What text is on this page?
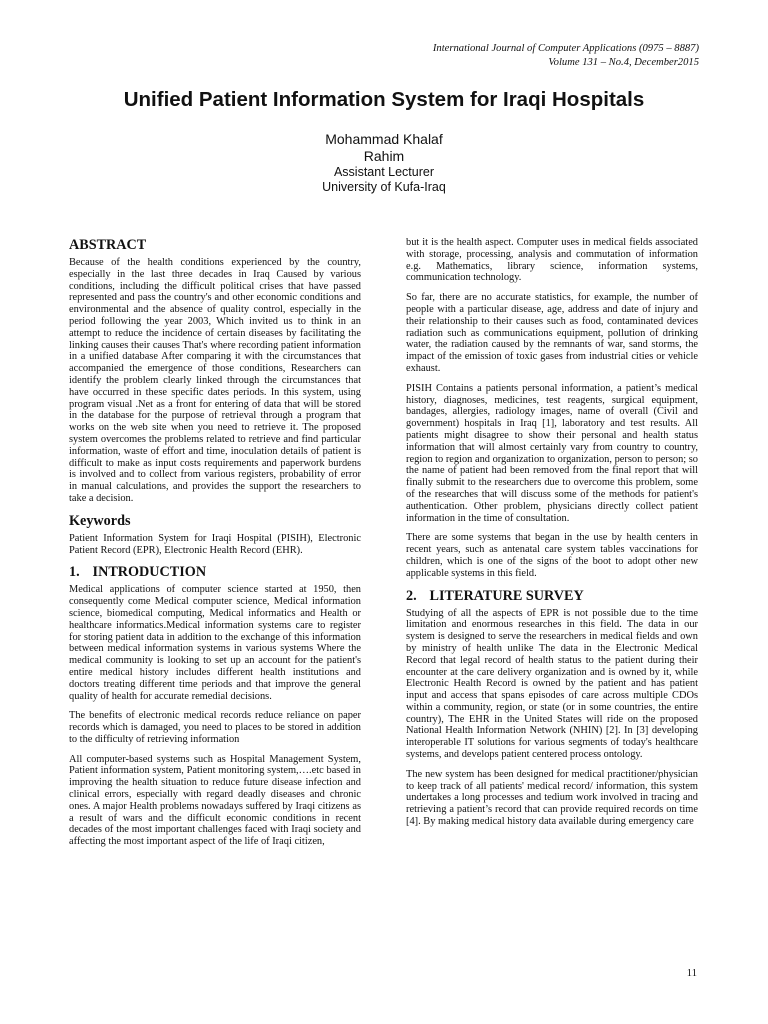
International Journal of Computer Applications (0975 – 8887)
Volume 131 – No.4, December2015
Unified Patient Information System for Iraqi Hospitals
Mohammad Khalaf
Rahim
Assistant Lecturer
University of Kufa-Iraq
ABSTRACT

Because of the health conditions experienced by the country, especially in the last three decades in Iraq Caused by various conditions, including the difficult political crises that have passed represented and pass the country's and other economic conditions and environmental and the absence of quality control, especially in the period following the year 2003, Which invited us to think in an attempt to reduce the incidence of certain diseases by facilitating the linking causes their causes That's where recording patient information in a unified database After comparing it with the circumstances that accompanied the emergence of those conditions, Researchers can identify the problem clearly linked through the circumstances that have occurred in these specific dates periods. In this system, using program visual .Net as a front for entering of data that will be stored in the database for the purpose of retrieval through a program that works on the web site when you need to retrieve it. The proposed system overcomes the problems related to retrieve and find particular information, waste of effort and time, inoculation details of patient is difficult to make as input costs requirements and paperwork burdens is involved and to collect from various registers, probability of error in manual calculations, and provides the support the researchers to take a decision.

Keywords

Patient Information System for Iraqi Hospital (PISIH), Electronic Patient Record (EPR), Electronic Health Record (EHR).

1. INTRODUCTION

Medical applications of computer science started at 1950, then consequently come Medical computer science, Medical information science, biomedical computing, Medical informatics and Health or healthcare informatics.Medical information systems care to register for storing patient data in addition to the exchange of this information between medical information systems in various systems Where the medical community is looking to set up an account for the patient's entire medical history includes different health institutions and doctors treating different time periods and that improve the general quality of health for accurate remedial decisions.

The benefits of electronic medical records reduce reliance on paper records which is damaged, you need to places to be stored in addition to the difficulty of retrieving information

All computer-based systems such as Hospital Management System, Patient information system, Patient monitoring system,….etc based in improving the health situation to reduce future disease infection and clinical errors, especially with regard deadly diseases and chronic ones. A major Health problems nowadays suffered by Iraqi citizens as a result of wars and the difficult economic conditions in recent decades of the most important challenges faced with Iraqi society and affecting the most important aspect of the life of Iraqi citizen,

but it is the health aspect. Computer uses in medical fields associated with storage, processing, analysis and commutation of information e.g. Mathematics, library science, information systems, communication technology.

So far, there are no accurate statistics, for example, the number of people with a particular disease, age, address and date of injury and their relationship to their causes such as food, contaminated devices radiation such as communications equipment, pollution of drinking water, the radiation caused by the remnants of war, sand storms, the impact of the emission of toxic gases from industrial cities or vehicle exhaust.

PISIH Contains a patients personal information, a patient’s medical history, diagnoses, medicines, test reagents, surgical equipment, bandages, allergies, radiology images, name of overall (Civil and government) hospitals in Iraq [1], laboratory and test results. All patients might disagree to show their personal and health status information that will almost certainly vary from country to country, region to region and organization to organization, person to person; so the name of patient had been removed from the final report that will finally submit to the researchers due to overcome this problem, some of the researches that will discuss some of the methods for patient's authentication. Other problem, physicians directly collect patient information in the time of consultation.

There are some systems that began in the use by health centers in recent years, such as antenatal care system tables vaccinations for children, which is one of the signs of the boot to adopt other new applicable systems in this field.

2. LITERATURE SURVEY

Studying of all the aspects of EPR is not possible due to the time limitation and enormous researches in this field. The data in our system is designed to serve the researchers in medical fields and own by ministry of health unlike The data in the Electronic Medical Record that legal record of health status to the patient during their encounter at the care delivery organization and is owned by it, while Electronic Health Record is owned by the patient and has patient input and access that spans episodes of care across multiple CDOs within a community, region, or state (or in some countries, the entire country), The EHR in the United States will ride on the proposed National Health Information Network (NHIN) [2]. In [3] developing interoperable IT solutions for various segments of today's healthcare systems, and develops patient centered process ontology.

The new system has been designed for medical practitioner/physician to keep track of all patients' medical record/ information, this system undertakes a long processes and tedium work involved in tracing and retrieving a patient’s record that can provide required records on time [4]. By making medical history data available during emergency care

11
